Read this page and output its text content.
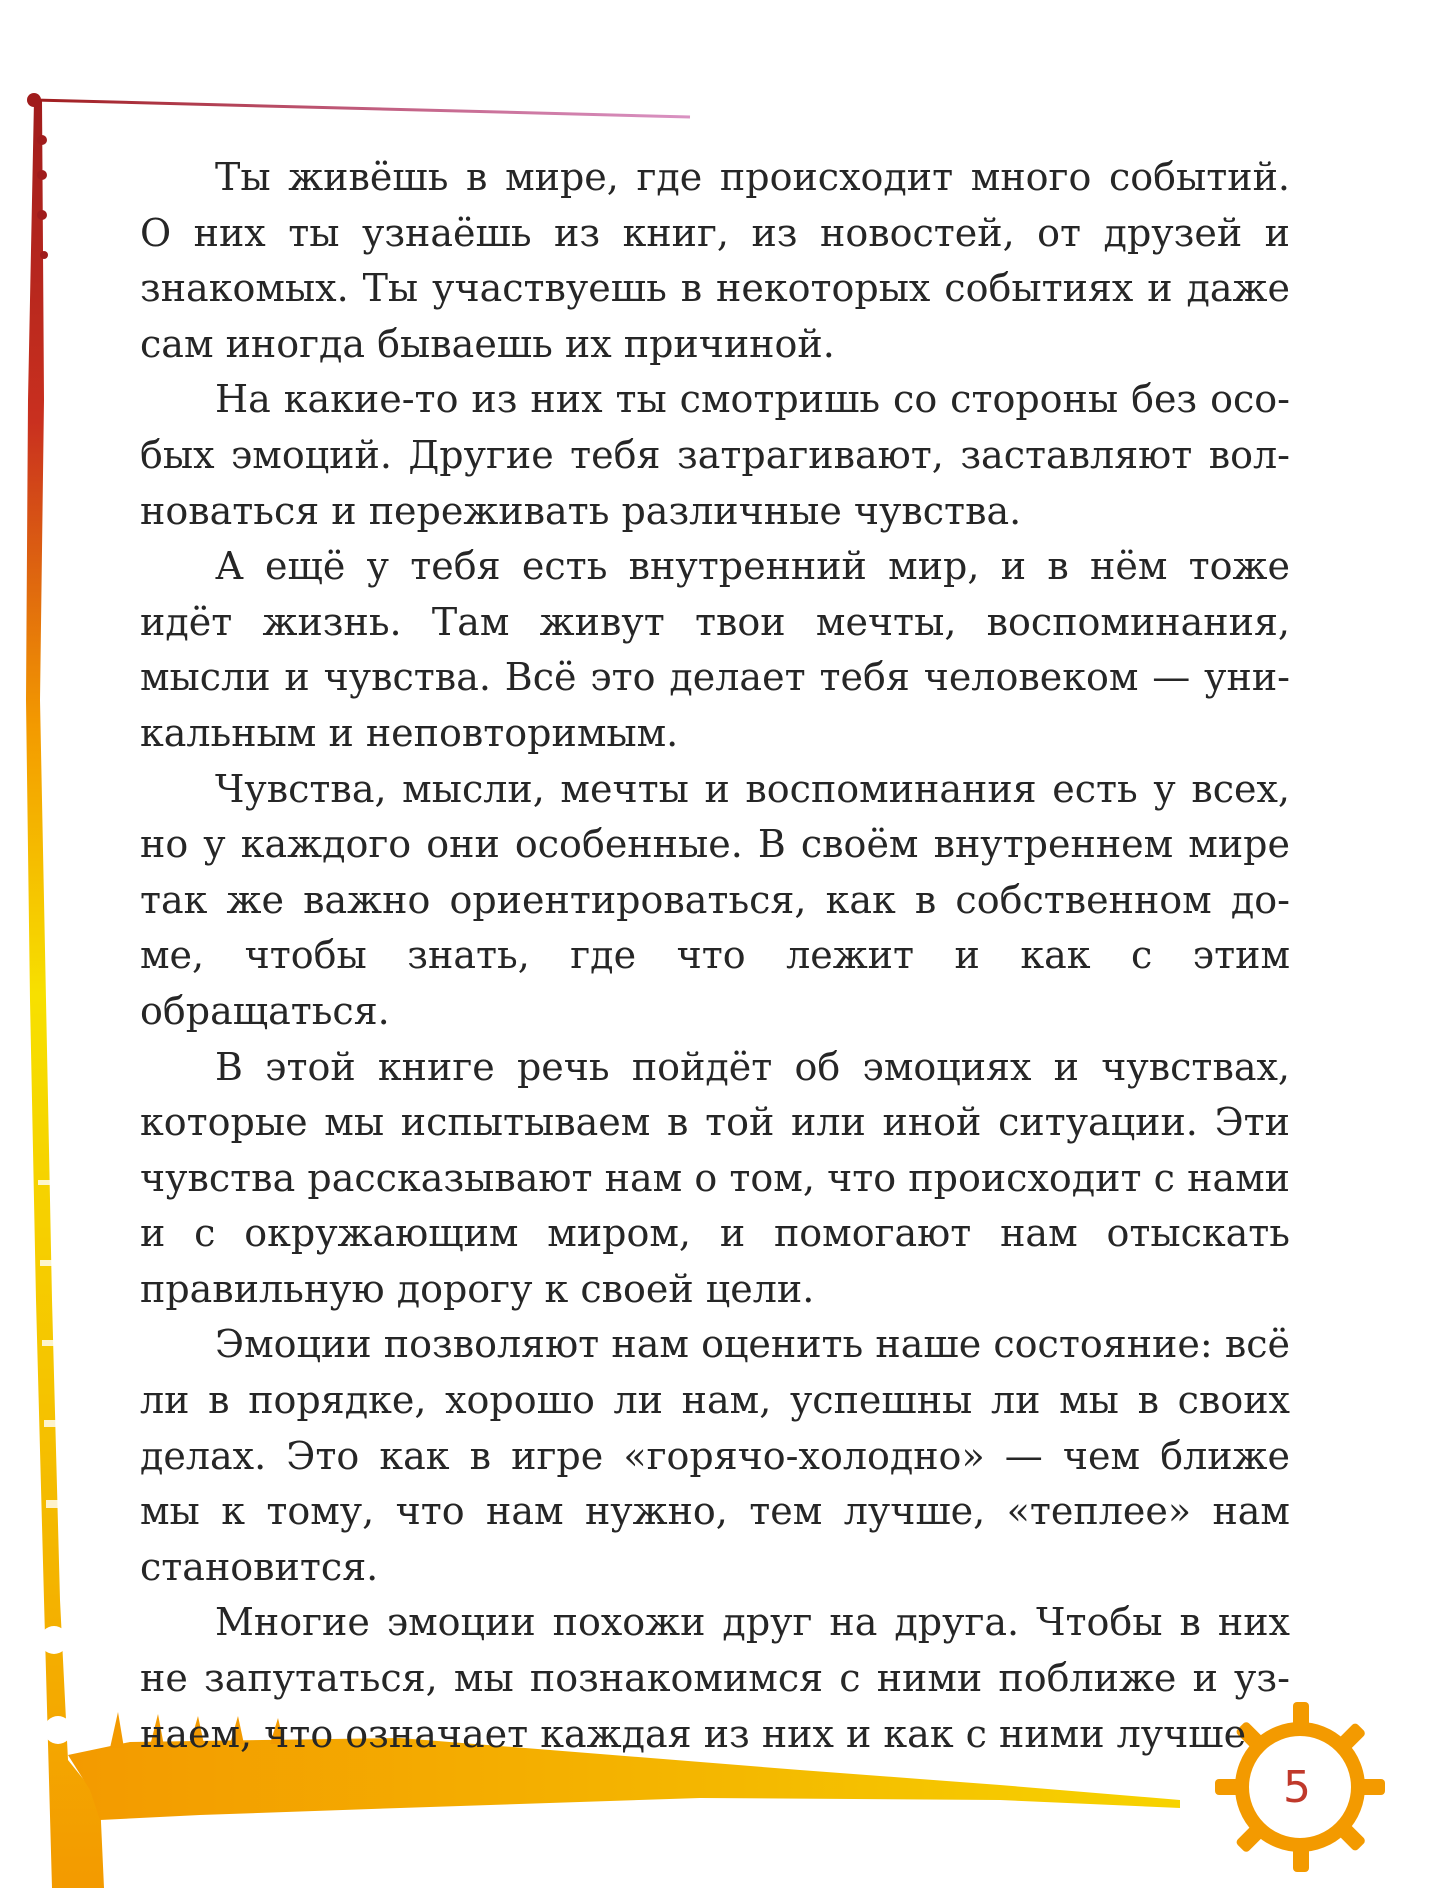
Ты живёшь в мире, где происходит много событий. О них ты узнаёшь из книг, из новостей, от друзей и знакомых. Ты участвуешь в некоторых событиях и даже сам иногда бываешь их причиной.

На какие-то из них ты смотришь со стороны без особых эмоций. Другие тебя затрагивают, заставляют волноваться и переживать различные чувства.

А ещё у тебя есть внутренний мир, и в нём тоже идёт жизнь. Там живут твои мечты, воспоминания, мысли и чувства. Всё это делает тебя человеком — уникальным и неповторимым.

Чувства, мысли, мечты и воспоминания есть у всех, но у каждого они особенные. В своём внутреннем мире так же важно ориентироваться, как в собственном доме, чтобы знать, где что лежит и как с этим обращаться.

В этой книге речь пойдёт об эмоциях и чувствах, которые мы испытываем в той или иной ситуации. Эти чувства рассказывают нам о том, что происходит с нами и с окружающим миром, и помогают нам отыскать правильную дорогу к своей цели.

Эмоции позволяют нам оценить наше состояние: всё ли в порядке, хорошо ли нам, успешны ли мы в своих делах. Это как в игре «горячо-холодно» — чем ближе мы к тому, что нам нужно, тем лучше, «теплее» нам становится.

Многие эмоции похожи друг на друга. Чтобы в них не запутаться, мы познакомимся с ними поближе и узнаем, что означает каждая из них и как с ними лучше

5
